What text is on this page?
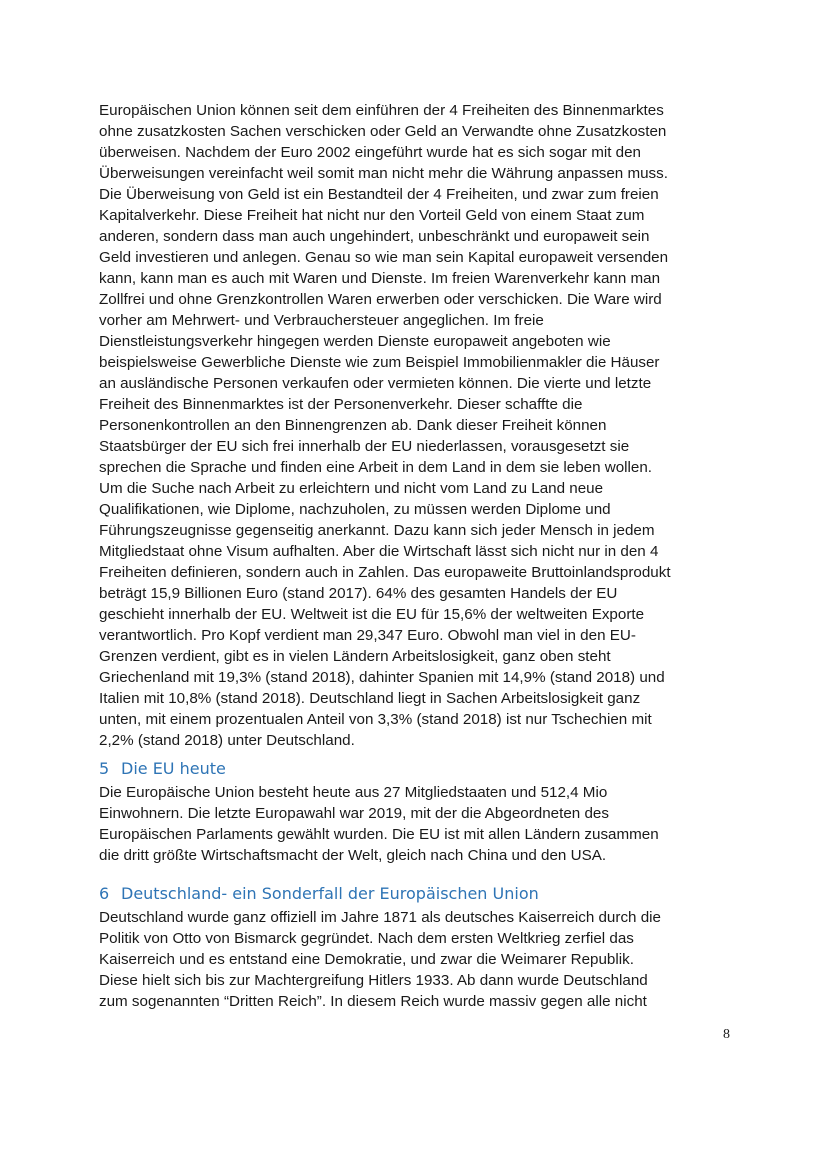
Europäischen Union können seit dem einführen der 4 Freiheiten des Binnenmarktes
ohne zusatzkosten Sachen verschicken oder Geld an Verwandte ohne Zusatzkosten
überweisen. Nachdem der Euro 2002 eingeführt wurde hat es sich sogar mit den
Überweisungen vereinfacht weil somit man nicht mehr die Währung anpassen muss.
Die Überweisung von Geld ist ein Bestandteil der 4 Freiheiten, und zwar zum freien
Kapitalverkehr. Diese Freiheit hat nicht nur den Vorteil Geld von einem Staat zum
anderen, sondern dass man auch ungehindert, unbeschränkt und europaweit sein
Geld investieren und anlegen. Genau so wie man sein Kapital europaweit versenden
kann, kann man es auch mit Waren und Dienste. Im freien Warenverkehr kann man
Zollfrei und ohne Grenzkontrollen Waren erwerben oder verschicken. Die Ware wird
vorher am Mehrwert- und Verbrauchersteuer angeglichen. Im freie
Dienstleistungsverkehr hingegen werden Dienste europaweit angeboten wie
beispielsweise Gewerbliche Dienste wie zum Beispiel Immobilienmakler die Häuser
an ausländische Personen verkaufen oder vermieten können. Die vierte und letzte
Freiheit des Binnenmarktes ist der Personenverkehr. Dieser schaffte die
Personenkontrollen an den Binnengrenzen ab. Dank dieser Freiheit können
Staatsbürger der EU sich frei innerhalb der EU niederlassen, vorausgesetzt sie
sprechen die Sprache und finden eine Arbeit in dem Land in dem sie leben wollen.
Um die Suche nach Arbeit zu erleichtern und nicht vom Land zu Land neue
Qualifikationen, wie Diplome, nachzuholen, zu müssen werden Diplome und
Führungszeugnisse gegenseitig anerkannt. Dazu kann sich jeder Mensch in jedem
Mitgliedstaat ohne Visum aufhalten. Aber die Wirtschaft lässt sich nicht nur in den 4
Freiheiten definieren, sondern auch in Zahlen. Das europaweite Bruttoinlandsprodukt
beträgt 15,9 Billionen Euro (stand 2017). 64% des gesamten Handels der EU
geschieht innerhalb der EU. Weltweit ist die EU für 15,6% der weltweiten Exporte
verantwortlich. Pro Kopf verdient man 29,347 Euro. Obwohl man viel in den EU-
Grenzen verdient, gibt es in vielen Ländern Arbeitslosigkeit, ganz oben steht
Griechenland mit 19,3% (stand 2018), dahinter Spanien mit 14,9% (stand 2018) und
Italien mit 10,8% (stand 2018). Deutschland liegt in Sachen Arbeitslosigkeit ganz
unten, mit einem prozentualen Anteil von 3,3% (stand 2018) ist nur Tschechien mit
2,2% (stand 2018) unter Deutschland.
5 Die EU heute
Die Europäische Union besteht heute aus 27 Mitgliedstaaten und 512,4 Mio
Einwohnern. Die letzte Europawahl war 2019, mit der die Abgeordneten des
Europäischen Parlaments gewählt wurden. Die EU ist mit allen Ländern zusammen
die dritt größte Wirtschaftsmacht der Welt, gleich nach China und den USA.
6 Deutschland- ein Sonderfall der Europäischen Union
Deutschland wurde ganz offiziell im Jahre 1871 als deutsches Kaiserreich durch die
Politik von Otto von Bismarck gegründet. Nach dem ersten Weltkrieg zerfiel das
Kaiserreich und es entstand eine Demokratie, und zwar die Weimarer Republik.
Diese hielt sich bis zur Machtergreifung Hitlers 1933. Ab dann wurde Deutschland
zum sogenannten “Dritten Reich”. In diesem Reich wurde massiv gegen alle nicht
8
